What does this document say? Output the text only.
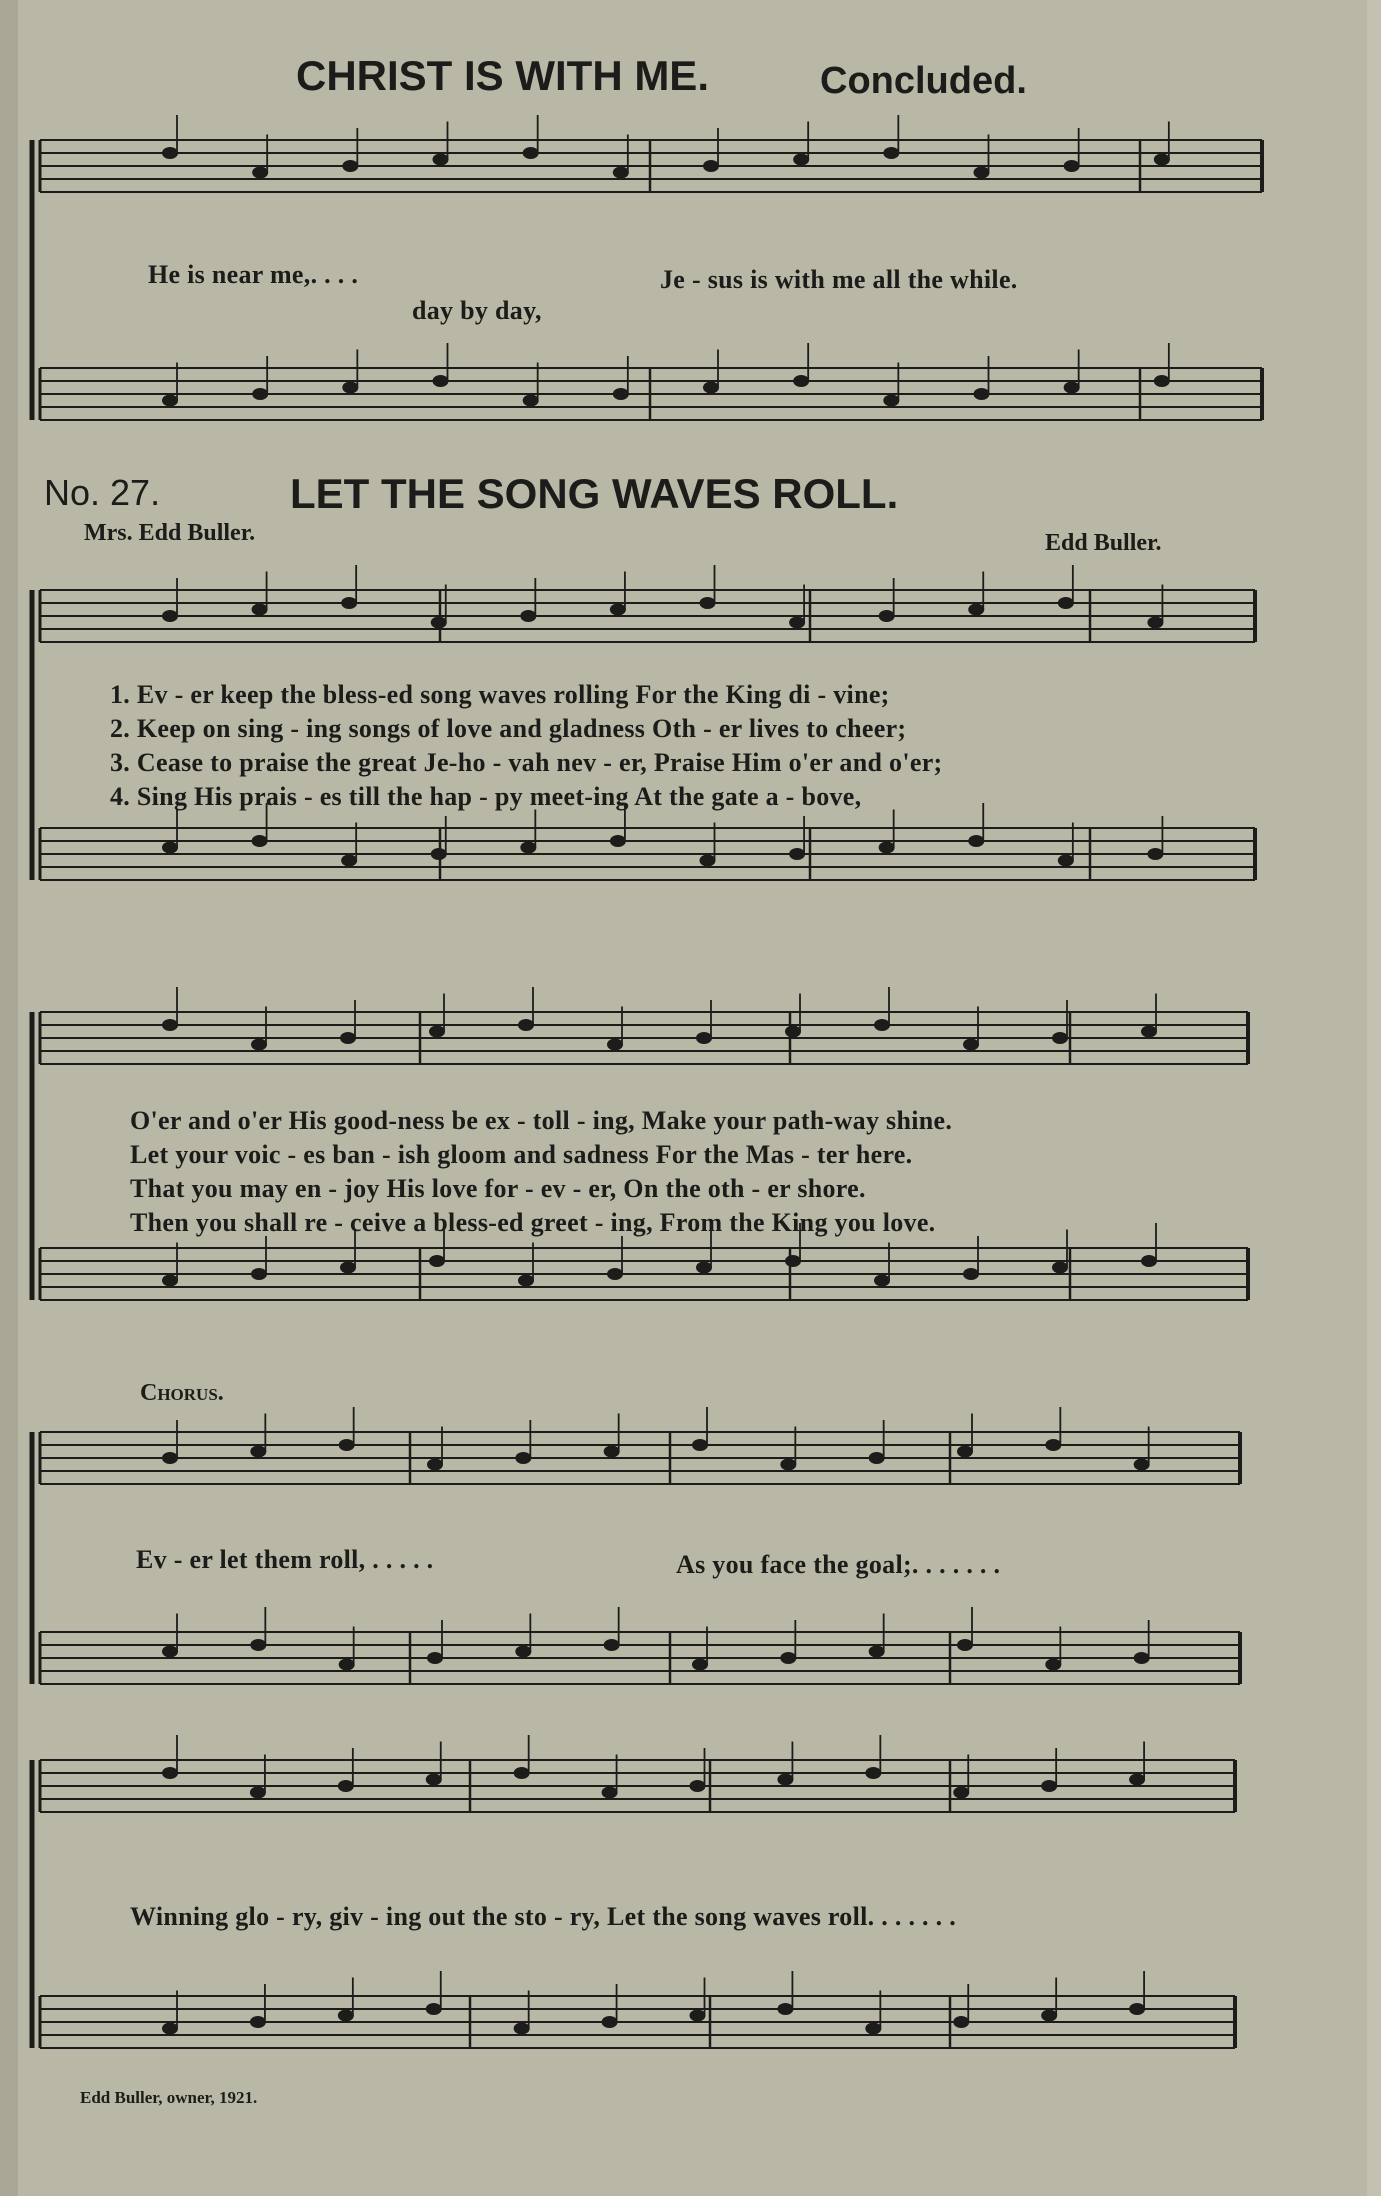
CHRIST IS WITH ME.	Concluded.
He is near me,. . . .	Je - sus is with me all the while.
day by day,
No. 27.	LET THE SONG WAVES ROLL.
Mrs. Edd Buller.	Edd Buller.
1. Ev - er keep the bless-ed song waves rolling For the King di - vine;
2. Keep on sing - ing songs of love and gladness Oth - er lives to cheer;
3. Cease to praise the great Je-ho - vah nev - er, Praise Him o'er and o'er;
4. Sing His prais - es till the hap - py meet-ing At the gate a - bove,
O'er and o'er His good-ness be ex - toll - ing, Make your path-way shine.
Let your voic - es ban - ish gloom and sadness For the Mas - ter here.
That you may en - joy His love for - ev - er, On the oth - er shore.
Then you shall re - ceive a bless-ed greet - ing, From the King you love.
Chorus.
Ev - er let them roll, . . . . .	As you face the goal;. . . . . . .
Winning glo - ry, giv - ing out the sto - ry, Let the song waves roll. . . . . . .
Edd Buller, owner, 1921.
